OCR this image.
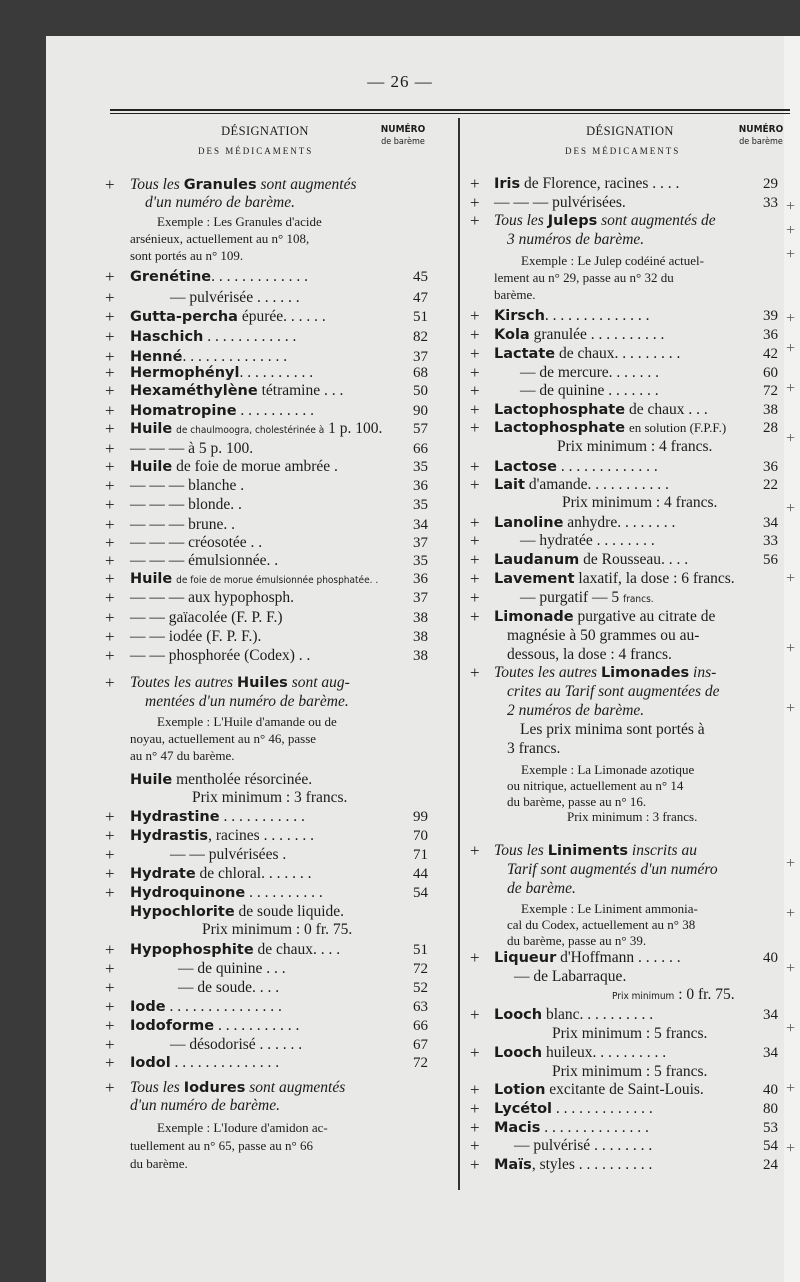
— 26 —
DÉSIGNATION
DES MÉDICAMENTS
NUMÉRO
de barème
DÉSIGNATION
DES MÉDICAMENTS
NUMÉRO
de barème
+ Tous les Granules sont augmentés
d'un numéro de barème.
Exemple : Les Granules d'acide
arsénieux, actuellement au n° 108,
sont portés au n° 109.
+ Grenétine. . . . . . . . . . . . .	45
+	— pulvérisée . . . . . .	47
+ Gutta-percha épurée. . . . . .	51
+ Haschich . . . . . . . . . . . .	82
+ Henné. . . . . . . . . . . . . .	37
+ Hermophényl. . . . . . . . . .	68
+ Hexaméthylène tétramine . . .	50
+ Homatropine . . . . . . . . . .	90
+ Huile de chaulmoogra, cholestérinée à 1 p. 100.	57
+ — — — à 5 p. 100.	66
+ Huile de foie de morue ambrée .	35
+ — — — blanche .	36
+ — — — blonde. .	35
+ — — — brune. .	34
+ — — — créosotée . .	37
+ — — — émulsionnée. .	35
+ Huile de foie de morue émulsionnée phosphatée. .	36
+ — — — aux hypophosph.	37
+ — — gaïacolée (F. P. F.)	38
+ — — iodée (F. P. F.).	38
+ — — phosphorée (Codex) . .	38
+ Toutes les autres Huiles sont aug-
mentées d'un numéro de barème.
Exemple : L'Huile d'amande ou de
noyau, actuellement au n° 46, passe
au n° 47 du barème.
Huile mentholée résorcinée.
Prix minimum : 3 francs.
+ Hydrastine . . . . . . . . . . .	99
+ Hydrastis, racines . . . . . . .	70
+	— — pulvérisées .	71
+ Hydrate de chloral. . . . . . .	44
+ Hydroquinone . . . . . . . . . .	54
Hypochlorite de soude liquide.
Prix minimum : 0 fr. 75.
+ Hypophosphite de chaux. . . .	51
+	— de quinine . . .	72
+	— de soude. . . .	52
+ Iode . . . . . . . . . . . . . . .	63
+ Iodoforme . . . . . . . . . . .	66
+	— désodorisé . . . . . .	67
+ Iodol . . . . . . . . . . . . . .	72
+ Tous les Iodures sont augmentés
d'un numéro de barème.
Exemple : L'Iodure d'amidon ac-
tuellement au n° 65, passe au n° 66
du barème.
+ Iris de Florence, racines . . . .	29
+ — — — pulvérisées.	33
+ Tous les Juleps sont augmentés de
3 numéros de barème.
Exemple : Le Julep codéiné actuel-
lement au n° 29, passe au n° 32 du
barème.
+ Kirsch. . . . . . . . . . . . . .	39
+ Kola granulée . . . . . . . . . .	36
+ Lactate de chaux. . . . . . . . .	42
+	— de mercure. . . . . . .	60
+	— de quinine . . . . . . .	72
+ Lactophosphate de chaux . . .	38
+ Lactophosphate en solution (F.P.F.)	28
Prix minimum : 4 francs.
+ Lactose . . . . . . . . . . . . .	36
+ Lait d'amande. . . . . . . . . . .	22
Prix minimum : 4 francs.
+ Lanoline anhydre. . . . . . . .	34
+	— hydratée . . . . . . . .	33
+ Laudanum de Rousseau. . . .	56
+ Lavement laxatif, la dose : 6 francs.
+	— purgatif — 5 francs.
+ Limonade purgative au citrate de
magnésie à 50 grammes ou au-
dessous, la dose : 4 francs.
+ Toutes les autres Limonades ins-
crites au Tarif sont augmentées de
2 numéros de barème.
Les prix minima sont portés à
3 francs.
Exemple : La Limonade azotique
ou nitrique, actuellement au n° 14
du barème, passe au n° 16.
Prix minimum : 3 francs.
+ Tous les Liniments inscrits au
Tarif sont augmentés d'un numéro
de barème.
Exemple : Le Liniment ammonia-
cal du Codex, actuellement au n° 38
du barème, passe au n° 39.
+ Liqueur d'Hoffmann . . . . . .	40
— de Labarraque.
Prix minimum : 0 fr. 75.
+ Looch blanc. . . . . . . . . .	34
Prix minimum : 5 francs.
+ Looch huileux. . . . . . . . . .	34
Prix minimum : 5 francs.
+ Lotion excitante de Saint-Louis.	40
+ Lycétol . . . . . . . . . . . . .	80
+ Macis . . . . . . . . . . . . . .	53
+ — pulvérisé . . . . . . . .	54
+ Maïs, styles . . . . . . . . . .	24
+
+
+
+
+
+
+
+
+
+
+
+
+
+
+
+
+
